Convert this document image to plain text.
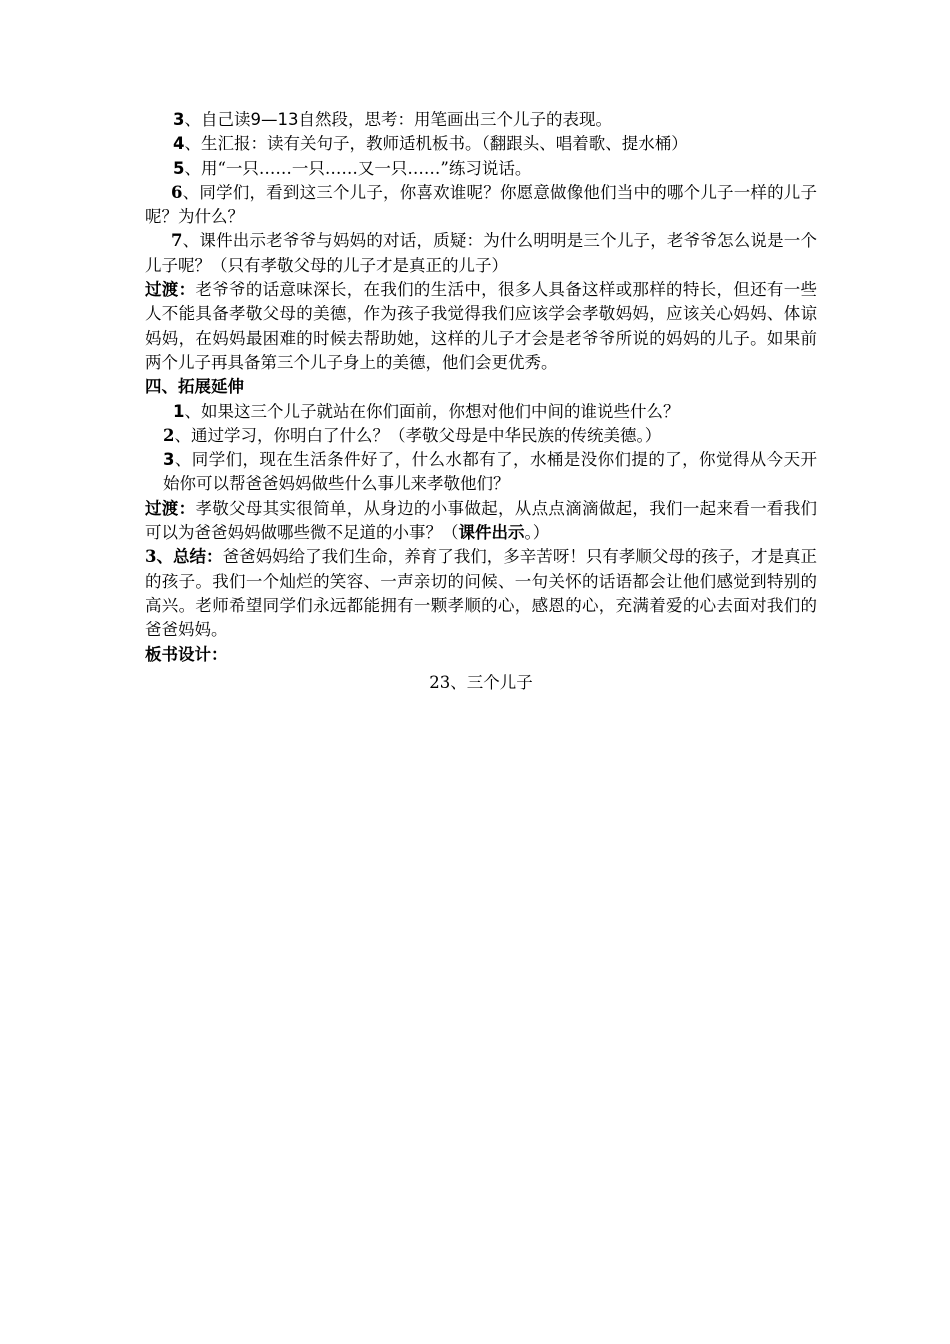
3、自己读9—13自然段，思考：用笔画出三个儿子的表现。

4、生汇报：读有关句子，教师适机板书。（翻跟头、唱着歌、提水桶）

5、用“一只……一只……又一只……”练习说话。

6、同学们，看到这三个儿子，你喜欢谁呢？你愿意做像他们当中的哪个儿子一样的儿子呢？为什么？

7、课件出示老爷爷与妈妈的对话，质疑：为什么明明是三个儿子，老爷爷怎么说是一个儿子呢？（只有孝敬父母的儿子才是真正的儿子）

过渡：老爷爷的话意味深长，在我们的生活中，很多人具备这样或那样的特长，但还有一些人不能具备孝敬父母的美德，作为孩子我觉得我们应该学会孝敬妈妈，应该关心妈妈、体谅妈妈，在妈妈最困难的时候去帮助她，这样的儿子才会是老爷爷所说的妈妈的儿子。如果前两个儿子再具备第三个儿子身上的美德，他们会更优秀。

四、拓展延伸

1、如果这三个儿子就站在你们面前，你想对他们中间的谁说些什么？

2、通过学习，你明白了什么？（孝敬父母是中华民族的传统美德。）

3、同学们，现在生活条件好了，什么水都有了，水桶是没你们提的了，你觉得从今天开始你可以帮爸爸妈妈做些什么事儿来孝敬他们？

过渡：孝敬父母其实很简单，从身边的小事做起，从点点滴滴做起，我们一起来看一看我们可以为爸爸妈妈做哪些微不足道的小事？（课件出示。）

3、总结：爸爸妈妈给了我们生命，养育了我们，多辛苦呀！只有孝顺父母的孩子，才是真正的孩子。我们一个灿烂的笑容、一声亲切的问候、一句关怀的话语都会让他们感觉到特别的高兴。老师希望同学们永远都能拥有一颗孝顺的心，感恩的心，充满着爱的心去面对我们的爸爸妈妈。

板书设计：

23、三个儿子
